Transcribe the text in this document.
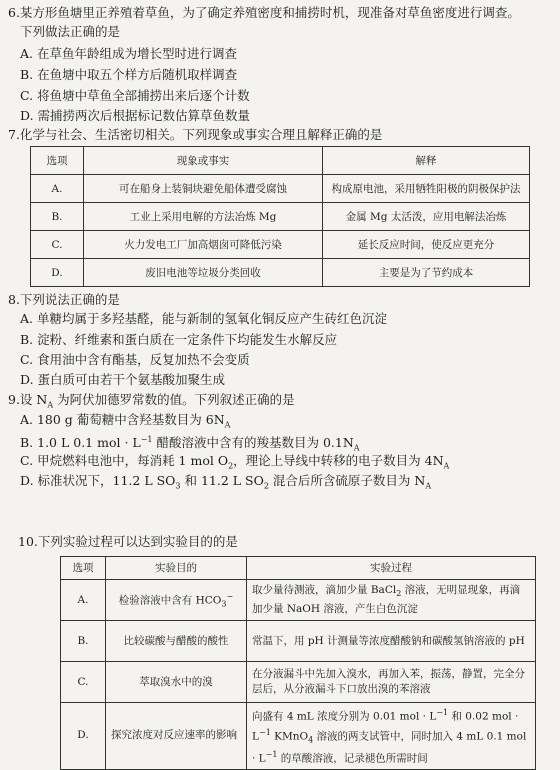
6.某方形鱼塘里正养殖着草鱼，为了确定养殖密度和捕捞时机，现准备对草鱼密度进行调查。
下列做法正确的是
A. 在草鱼年龄组成为增长型时进行调查
B. 在鱼塘中取五个样方后随机取样调查
C. 将鱼塘中草鱼全部捕捞出来后逐个计数
D. 需捕捞两次后根据标记数估算草鱼数量
7.化学与社会、生活密切相关。下列现象或事实合理且解释正确的是
选项	现象或事实	解释
A.	可在船身上装铜块避免船体遭受腐蚀	构成原电池，采用牺牲阳极的阴极保护法
B.	工业上采用电解的方法冶炼 Mg	金属 Mg 太活泼，应用电解法冶炼
C.	火力发电工厂加高烟囱可降低污染	延长反应时间，使反应更充分
D.	废旧电池等垃圾分类回收	主要是为了节约成本
8.下列说法正确的是
A. 单糖均属于多羟基醛，能与新制的氢氧化铜反应产生砖红色沉淀
B. 淀粉、纤维素和蛋白质在一定条件下均能发生水解反应
C. 食用油中含有酯基，反复加热不会变质
D. 蛋白质可由若干个氨基酸加聚生成
9.设 $N_A$ 为阿伏加德罗常数的值。下列叙述正确的是
A. 180 g 葡萄糖中含羟基数目为 $6N_A$
B. 1.0 L 0.1 mol · $L^{-1}$ 醋酸溶液中含有的羧基数目为 $0.1N_A$
C. 甲烷燃料电池中，每消耗 1 mol $O_2$，理论上导线中转移的电子数目为 $4N_A$
D. 标准状况下，11.2 L $SO_3$ 和 11.2 L $SO_2$ 混合后所含硫原子数目为 $N_A$
10.下列实验过程可以达到实验目的的是
选项	实验目的	实验过程
A.	检验溶液中含有 $HCO_3^-$	取少量待测液，滴加少量 BaCl$_2$ 溶液，无明显现象，再滴加少量 NaOH 溶液，产生白色沉淀
B.	比较碳酸与醋酸的酸性	常温下，用 pH 计测量等浓度醋酸钠和碳酸氢钠溶液的 pH
C.	萃取溴水中的溴	在分液漏斗中先加入溴水，再加入苯，振荡，静置，完全分层后，从分液漏斗下口放出溴的苯溶液
D.	探究浓度对反应速率的影响	向盛有 4 mL 浓度分别为 0.01 mol · $L^{-1}$ 和 0.02 mol · $L^{-1}$ KMnO$_4$ 溶液的两支试管中，同时加入 4 mL 0.1 mol · $L^{-1}$ 的草酸溶液，记录褪色所需时间
